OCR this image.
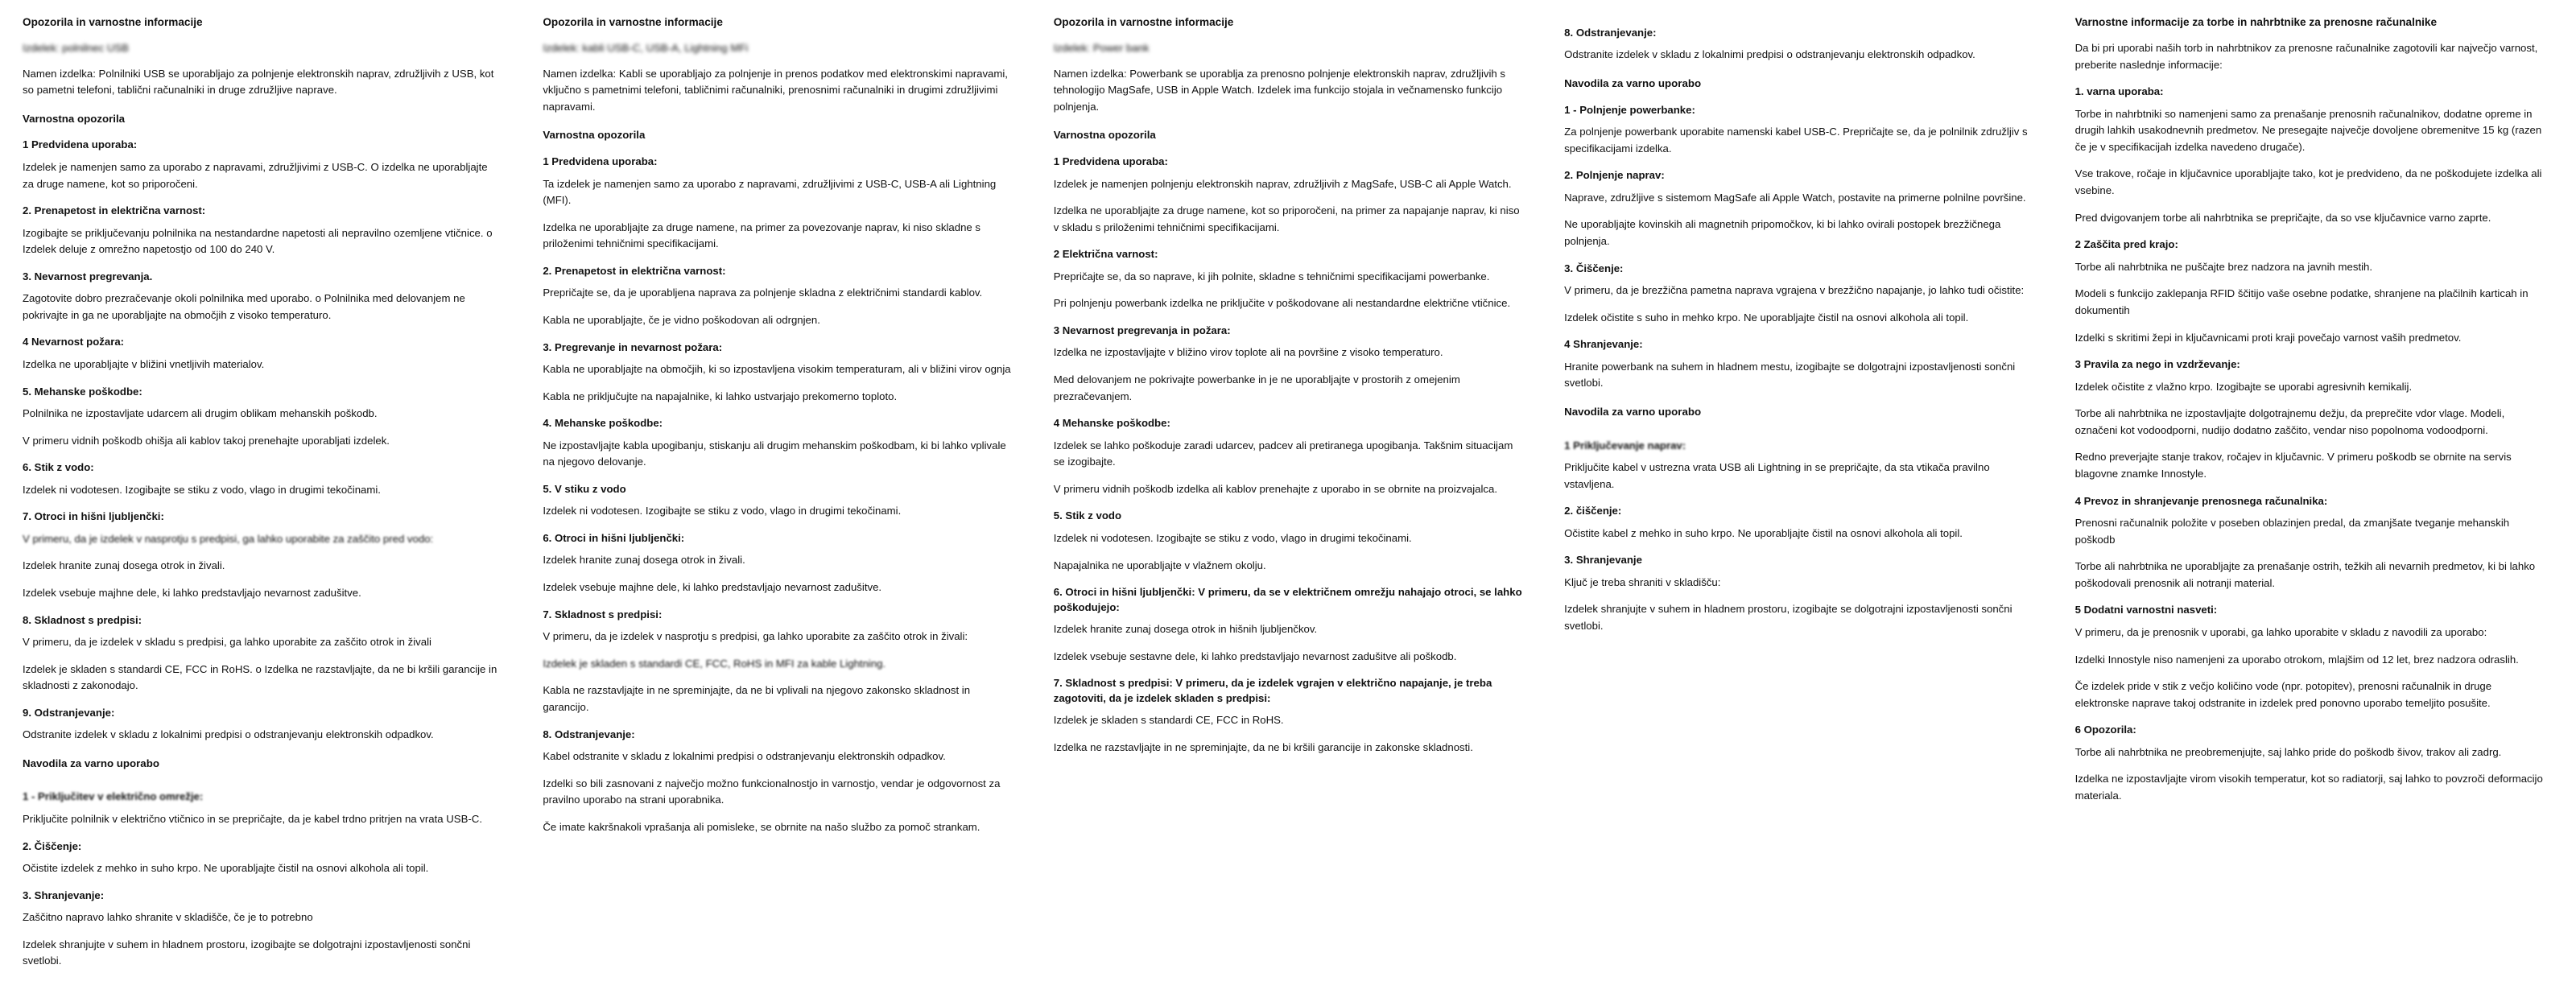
Opozorila in varnostne informacije

Izdelek: polnilnec USB

Namen izdelka: Polnilniki USB se uporabljajo za polnjenje elektronskih naprav, združljivih z USB, kot so pametni telefoni, tablični računalniki in druge združljive naprave.

Varnostna opozorila
1 Predvidena uporaba:

Izdelek je namenjen samo za uporabo z napravami, združljivimi z USB-C. O izdelka ne uporabljajte za druge namene, kot so priporočeni.

2. Prenapetost in električna varnost:

Izogibajte se priključevanju polnilnika na nestandardne napetosti ali nepravilno ozemljene vtičnice. o Izdelek deluje z omrežno napetostjo od 100 do 240 V.

3. Nevarnost pregrevanja.

Zagotovite dobro prezračevanje okoli polnilnika med uporabo. o Polnilnika med delovanjem ne pokrivajte in ga ne uporabljajte na območjih z visoko temperaturo.

4 Nevarnost požara:

Izdelka ne uporabljajte v bližini vnetljivih materialov.

5. Mehanske poškodbe:

Polnilnika ne izpostavljate udarcem ali drugim oblikam mehanskih poškodb.

V primeru vidnih poškodb ohišja ali kablov takoj prenehajte uporabljati izdelek.

6. Stik z vodo:

Izdelek ni vodotesen. Izogibajte se stiku z vodo, vlago in drugimi tekočinami.

7. Otroci in hišni ljubljenčki:

V primeru, da je izdelek v nasprotju s predpisi, ga lahko uporabite za zaščito pred vodo:

Izdelek hranite zunaj dosega otrok in živali.

Izdelek vsebuje majhne dele, ki lahko predstavljajo nevarnost zadušitve.

8. Skladnost s predpisi:

V primeru, da je izdelek v skladu s predpisi, ga lahko uporabite za zaščito otrok in živali

Izdelek je skladen s standardi CE, FCC in RoHS. o Izdelka ne razstavljajte, da ne bi kršili garancije in skladnosti z zakonodajo.

9. Odstranjevanje:

Odstranite izdelek v skladu z lokalnimi predpisi o odstranjevanju elektronskih odpadkov.

Navodila za varno uporabo
1 - Priključitev v električno omrežje:

Priključite polnilnik v električno vtičnico in se prepričajte, da je kabel trdno pritrjen na vrata USB-C.

2. Čiščenje:

Očistite izdelek z mehko in suho krpo. Ne uporabljajte čistil na osnovi alkohola ali topil.

3. Shranjevanje:

Zaščitno napravo lahko shranite v skladišče, če je to potrebno

Izdelek shranjujte v suhem in hladnem prostoru, izogibajte se dolgotrajni izpostavljenosti sončni svetlobi.

Opozorila in varnostne informacije

Izdelek: kabli USB-C, USB-A, Lightning MFi

Namen izdelka: Kabli se uporabljajo za polnjenje in prenos podatkov med elektronskimi napravami, vključno s pametnimi telefoni, tabličnimi računalniki, prenosnimi računalniki in drugimi združljivimi napravami.

Varnostna opozorila
1 Predvidena uporaba:

Ta izdelek je namenjen samo za uporabo z napravami, združljivimi z USB-C, USB-A ali Lightning (MFI).

Izdelka ne uporabljajte za druge namene, na primer za povezovanje naprav, ki niso skladne s priloženimi tehničnimi specifikacijami.

2. Prenapetost in električna varnost:

Prepričajte se, da je uporabljena naprava za polnjenje skladna z električnimi standardi kablov.

Kabla ne uporabljajte, če je vidno poškodovan ali odrgnjen.

3. Pregrevanje in nevarnost požara:

Kabla ne uporabljajte na območjih, ki so izpostavljena visokim temperaturam, ali v bližini virov ognja

Kabla ne priključujte na napajalnike, ki lahko ustvarjajo prekomerno toploto.

4. Mehanske poškodbe:

Ne izpostavljajte kabla upogibanju, stiskanju ali drugim mehanskim poškodbam, ki bi lahko vplivale na njegovo delovanje.

5. V stiku z vodo

Izdelek ni vodotesen. Izogibajte se stiku z vodo, vlago in drugimi tekočinami.

6. Otroci in hišni ljubljenčki:

Izdelek hranite zunaj dosega otrok in živali.

Izdelek vsebuje majhne dele, ki lahko predstavljajo nevarnost zadušitve.

7. Skladnost s predpisi:

V primeru, da je izdelek v nasprotju s predpisi, ga lahko uporabite za zaščito otrok in živali:

Izdelek je skladen s standardi CE, FCC, RoHS in MFI za kable Lightning.

Kabla ne razstavljajte in ne spreminjajte, da ne bi vplivali na njegovo zakonsko skladnost in garancijo.

8. Odstranjevanje:

Kabel odstranite v skladu z lokalnimi predpisi o odstranjevanju elektronskih odpadkov.

Izdelki so bili zasnovani z največjo možno funkcionalnostjo in varnostjo, vendar je odgovornost za pravilno uporabo na strani uporabnika.

Če imate kakršnakoli vprašanja ali pomisleke, se obrnite na našo službo za pomoč strankam.

Opozorila in varnostne informacije

Izdelek: Power bank

Namen izdelka: Powerbank se uporablja za prenosno polnjenje elektronskih naprav, združljivih s tehnologijo MagSafe, USB in Apple Watch. Izdelek ima funkcijo stojala in večnamensko funkcijo polnjenja.

Varnostna opozorila
1 Predvidena uporaba:

Izdelek je namenjen polnjenju elektronskih naprav, združljivih z MagSafe, USB-C ali Apple Watch.

Izdelka ne uporabljajte za druge namene, kot so priporočeni, na primer za napajanje naprav, ki niso v skladu s priloženimi tehničnimi specifikacijami.

2 Električna varnost:

Prepričajte se, da so naprave, ki jih polnite, skladne s tehničnimi specifikacijami powerbanke.

Pri polnjenju powerbank izdelka ne priključite v poškodovane ali nestandardne električne vtičnice.

3 Nevarnost pregrevanja in požara:

Izdelka ne izpostavljajte v bližino virov toplote ali na površine z visoko temperaturo.

Med delovanjem ne pokrivajte powerbanke in je ne uporabljajte v prostorih z omejenim prezračevanjem.

4 Mehanske poškodbe:

Izdelek se lahko poškoduje zaradi udarcev, padcev ali pretiranega upogibanja. Takšnim situacijam se izogibajte.

V primeru vidnih poškodb izdelka ali kablov prenehajte z uporabo in se obrnite na proizvajalca.

5. Stik z vodo

Izdelek ni vodotesen. Izogibajte se stiku z vodo, vlago in drugimi tekočinami.

Napajalnika ne uporabljajte v vlažnem okolju.

6. Otroci in hišni ljubljenčki: V primeru, da se v električnem omrežju nahajajo otroci, se lahko poškodujejo:

Izdelek hranite zunaj dosega otrok in hišnih ljubljenčkov.

Izdelek vsebuje sestavne dele, ki lahko predstavljajo nevarnost zadušitve ali poškodb.

7. Skladnost s predpisi: V primeru, da je izdelek vgrajen v električno napajanje, je treba zagotoviti, da je izdelek skladen s predpisi:

Izdelek je skladen s standardi CE, FCC in RoHS.

Izdelka ne razstavljajte in ne spreminjajte, da ne bi kršili garancije in zakonske skladnosti.

8. Odstranjevanje:

Odstranite izdelek v skladu z lokalnimi predpisi o odstranjevanju elektronskih odpadkov.

Navodila za varno uporabo
1 - Polnjenje powerbanke:

Za polnjenje powerbank uporabite namenski kabel USB-C. Prepričajte se, da je polnilnik združljiv s specifikacijami izdelka.

2. Polnjenje naprav:

Naprave, združljive s sistemom MagSafe ali Apple Watch, postavite na primerne polnilne površine.

Ne uporabljajte kovinskih ali magnetnih pripomočkov, ki bi lahko ovirali postopek brezžičnega polnjenja.

3. Čiščenje:

V primeru, da je brezžična pametna naprava vgrajena v brezžično napajanje, jo lahko tudi očistite:

Izdelek očistite s suho in mehko krpo. Ne uporabljajte čistil na osnovi alkohola ali topil.

4 Shranjevanje:

Hranite powerbank na suhem in hladnem mestu, izogibajte se dolgotrajni izpostavljenosti sončni svetlobi.

Navodila za varno uporabo
1 Priključevanje naprav:

Priključite kabel v ustrezna vrata USB ali Lightning in se prepričajte, da sta vtikača pravilno vstavljena.

2. čiščenje:

Očistite kabel z mehko in suho krpo. Ne uporabljajte čistil na osnovi alkohola ali topil.

3. Shranjevanje

Ključ je treba shraniti v skladišču:

Izdelek shranjujte v suhem in hladnem prostoru, izogibajte se dolgotrajni izpostavljenosti sončni svetlobi.

Varnostne informacije za torbe in nahrbtnike za prenosne računalnike

Da bi pri uporabi naših torb in nahrbtnikov za prenosne računalnike zagotovili kar največjo varnost, preberite naslednje informacije:

1. varna uporaba:

Torbe in nahrbtniki so namenjeni samo za prenašanje prenosnih računalnikov, dodatne opreme in drugih lahkih usakodnevnih predmetov. Ne presegajte največje dovoljene obremenitve 15 kg (razen če je v specifikacijah izdelka navedeno drugače).

Vse trakove, ročaje in ključavnice uporabljajte tako, kot je predvideno, da ne poškodujete izdelka ali vsebine.

Pred dvigovanjem torbe ali nahrbtnika se prepričajte, da so vse ključavnice varno zaprte.

2 Zaščita pred krajo:

Torbe ali nahrbtnika ne puščajte brez nadzora na javnih mestih.

Modeli s funkcijo zaklepanja RFID ščitijo vaše osebne podatke, shranjene na plačilnih karticah in dokumentih

Izdelki s skritimi žepi in ključavnicami proti kraji povečajo varnost vaših predmetov.

3 Pravila za nego in vzdrževanje:

Izdelek očistite z vlažno krpo. Izogibajte se uporabi agresivnih kemikalij.

Torbe ali nahrbtnika ne izpostavljajte dolgotrajnemu dežju, da preprečite vdor vlage. Modeli, označeni kot vodoodporni, nudijo dodatno zaščito, vendar niso popolnoma vodoodporni.

Redno preverjajte stanje trakov, ročajev in ključavnic. V primeru poškodb se obrnite na servis blagovne znamke Innostyle.

4 Prevoz in shranjevanje prenosnega računalnika:

Prenosni računalnik položite v poseben oblazinjen predal, da zmanjšate tveganje mehanskih poškodb

Torbe ali nahrbtnika ne uporabljajte za prenašanje ostrih, težkih ali nevarnih predmetov, ki bi lahko poškodovali prenosnik ali notranji material.

5 Dodatni varnostni nasveti:

V primeru, da je prenosnik v uporabi, ga lahko uporabite v skladu z navodili za uporabo:

Izdelki Innostyle niso namenjeni za uporabo otrokom, mlajšim od 12 let, brez nadzora odraslih.

Če izdelek pride v stik z večjo količino vode (npr. potopitev), prenosni računalnik in druge elektronske naprave takoj odstranite in izdelek pred ponovno uporabo temeljito posušite.

6 Opozorila:

Torbe ali nahrbtnika ne preobremenjujte, saj lahko pride do poškodb šivov, trakov ali zadrg.

Izdelka ne izpostavljajte virom visokih temperatur, kot so radiatorji, saj lahko to povzroči deformacijo materiala.
